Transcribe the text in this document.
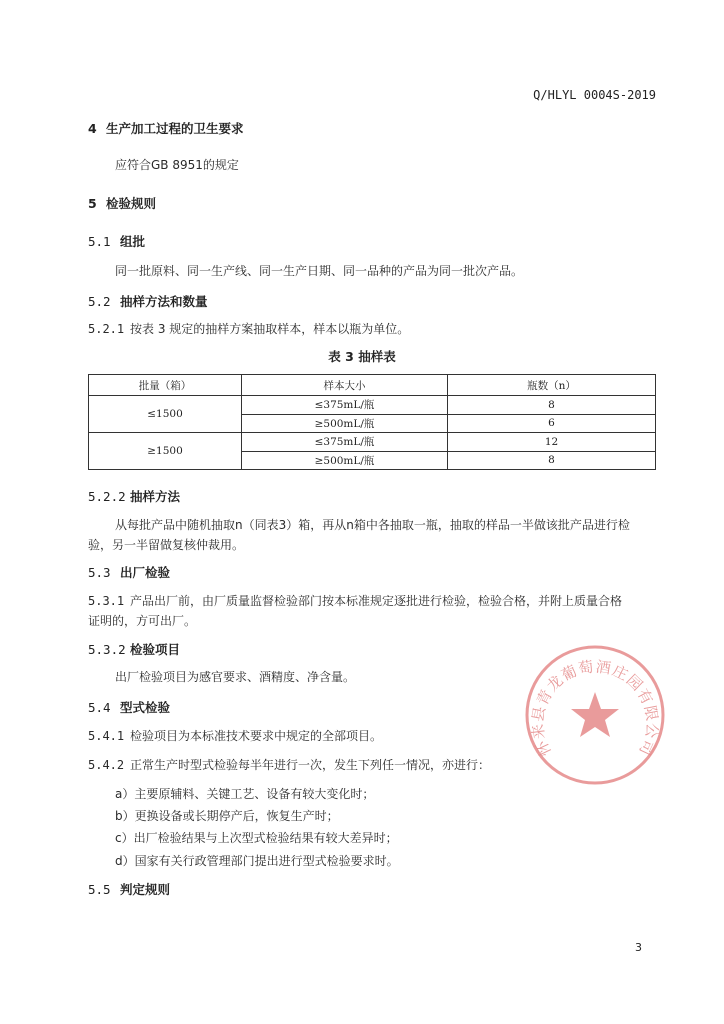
Q/HLYL 0004S-2019
4 生产加工过程的卫生要求
应符合GB 8951的规定
5 检验规则
5.1 组批
同一批原料、同一生产线、同一生产日期、同一品种的产品为同一批次产品。
5.2 抽样方法和数量
5.2.1 按表 3 规定的抽样方案抽取样本，样本以瓶为单位。
表 3 抽样表
批量（箱）	样本大小	瓶数（n）
≤1500	≤375mL/瓶	8
	≥500mL/瓶	6
≥1500	≤375mL/瓶	12
	≥500mL/瓶	8
5.2.2 抽样方法
从每批产品中随机抽取n（同表3）箱，再从n箱中各抽取一瓶，抽取的样品一半做该批产品进行检
验，另一半留做复核仲裁用。
5.3 出厂检验
5.3.1 产品出厂前，由厂质量监督检验部门按本标准规定逐批进行检验，检验合格，并附上质量合格
证明的，方可出厂。
5.3.2 检验项目
出厂检验项目为感官要求、酒精度、净含量。
5.4 型式检验
5.4.1 检验项目为本标准技术要求中规定的全部项目。
5.4.2 正常生产时型式检验每半年进行一次，发生下列任一情况，亦进行：
a）主要原辅料、关键工艺、设备有较大变化时；
b）更换设备或长期停产后，恢复生产时；
c）出厂检验结果与上次型式检验结果有较大差异时；
d）国家有关行政管理部门提出进行型式检验要求时。
5.5 判定规则
怀来县青龙葡萄酒庄园有限公司
3
